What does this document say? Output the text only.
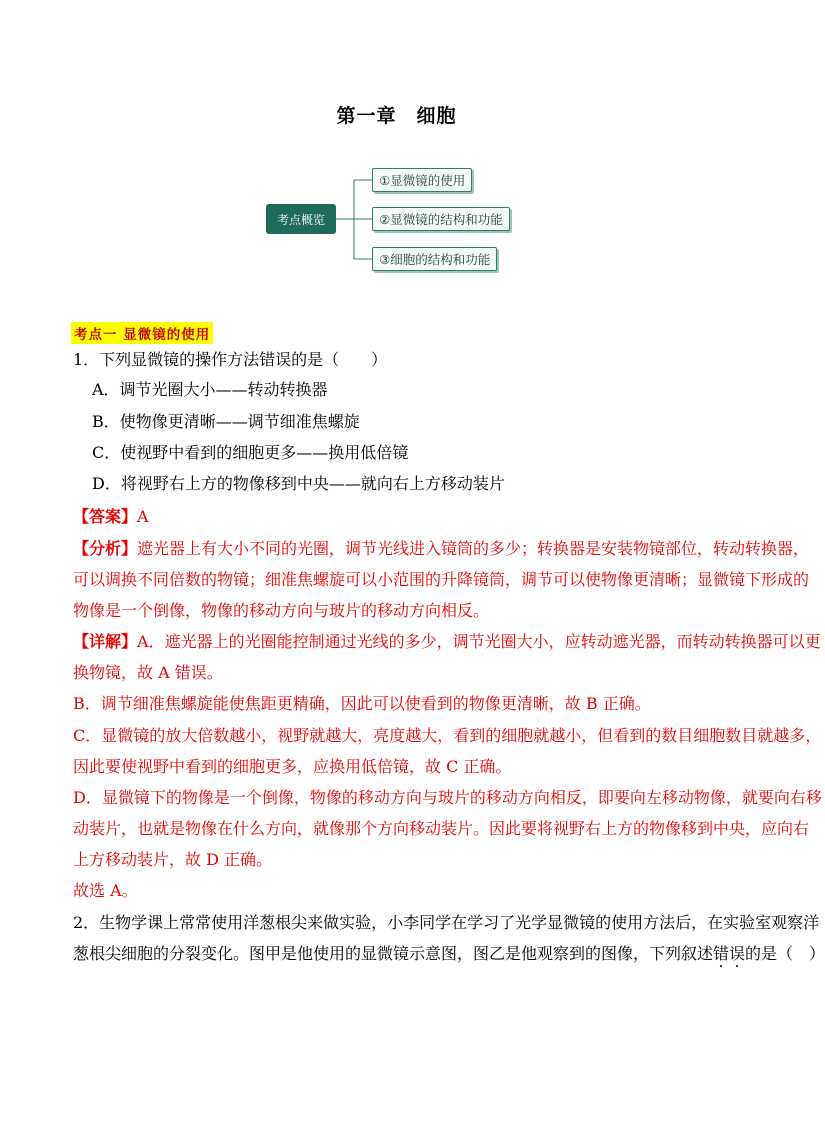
第一章　细胞
考点概览
①显微镜的使用
②显微镜的结构和功能
③细胞的结构和功能
考点一 显微镜的使用
1．下列显微镜的操作方法错误的是（　　）
A．调节光圈大小——转动转换器
B．使物像更清晰——调节细准焦螺旋
C．使视野中看到的细胞更多——换用低倍镜
D．将视野右上方的物像移到中央——就向右上方移动装片
【答案】A
【分析】遮光器上有大小不同的光圈，调节光线进入镜筒的多少；转换器是安装物镜部位，转动转换器，
可以调换不同倍数的物镜；细准焦螺旋可以小范围的升降镜筒，调节可以使物像更清晰；显微镜下形成的
物像是一个倒像，物像的移动方向与玻片的移动方向相反。
【详解】A．遮光器上的光圈能控制通过光线的多少，调节光圈大小，应转动遮光器，而转动转换器可以更
换物镜，故 A 错误。
B．调节细准焦螺旋能使焦距更精确，因此可以使看到的物像更清晰，故 B 正确。
C．显微镜的放大倍数越小，视野就越大，亮度越大，看到的细胞就越小，但看到的数目细胞数目就越多，
因此要使视野中看到的细胞更多，应换用低倍镜，故 C 正确。
D．显微镜下的物像是一个倒像，物像的移动方向与玻片的移动方向相反，即要向左移动物像，就要向右移
动装片，也就是物像在什么方向，就像那个方向移动装片。因此要将视野右上方的物像移到中央，应向右
上方移动装片，故 D 正确。
故选 A。
2．生物学课上常常使用洋葱根尖来做实验，小李同学在学习了光学显微镜的使用方法后，在实验室观察洋
葱根尖细胞的分裂变化。图甲是他使用的显微镜示意图，图乙是他观察到的图像，下列叙述错误的是（　）
